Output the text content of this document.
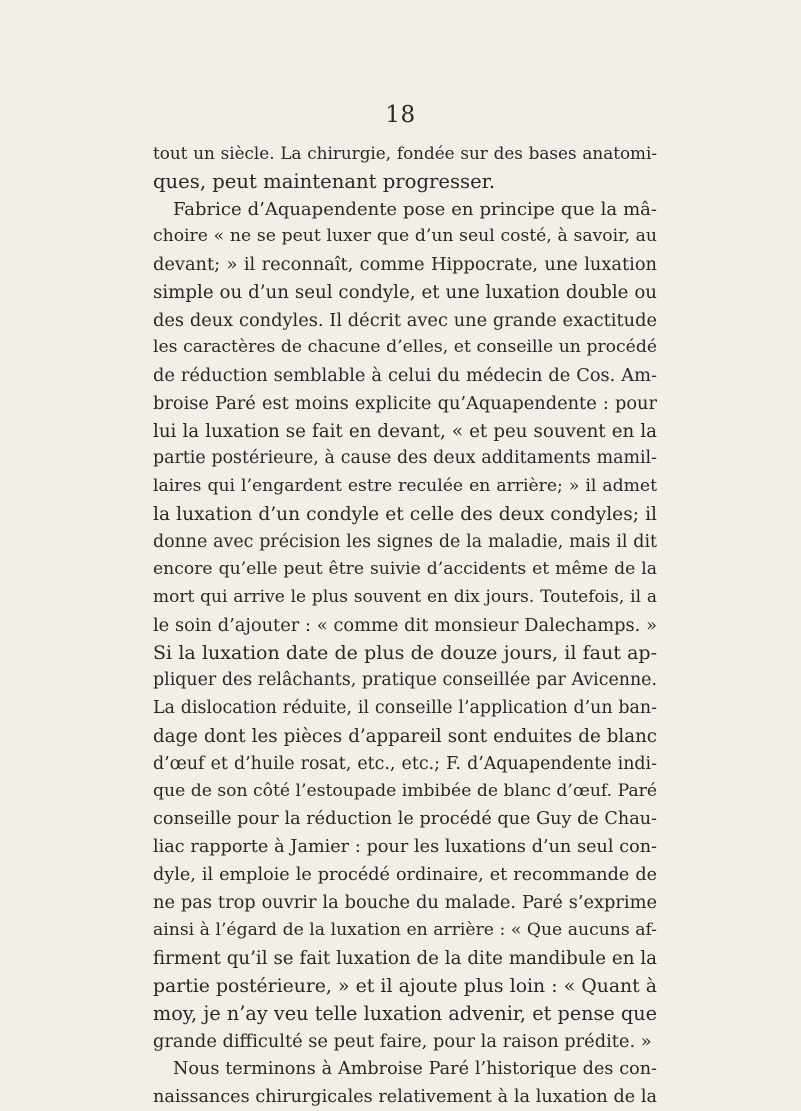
18
tout un siècle. La chirurgie, fondée sur des bases anatomi-
ques, peut maintenant progresser.
Fabrice d’Aquapendente pose en principe que la mâ-
choire « ne se peut luxer que d’un seul costé, à savoir, au
devant; » il reconnaît, comme Hippocrate, une luxation
simple ou d’un seul condyle, et une luxation double ou
des deux condyles. Il décrit avec une grande exactitude
les caractères de chacune d’elles, et conseille un procédé
de réduction semblable à celui du médecin de Cos. Am-
broise Paré est moins explicite qu’Aquapendente : pour
lui la luxation se fait en devant, « et peu souvent en la
partie postérieure, à cause des deux additaments mamil-
laires qui l’engardent estre reculée en arrière; » il admet
la luxation d’un condyle et celle des deux condyles; il
donne avec précision les signes de la maladie, mais il dit
encore qu’elle peut être suivie d’accidents et même de la
mort qui arrive le plus souvent en dix jours. Toutefois, il a
le soin d’ajouter : « comme dit monsieur Dalechamps. »
Si la luxation date de plus de douze jours, il faut ap-
pliquer des relâchants, pratique conseillée par Avicenne.
La dislocation réduite, il conseille l’application d’un ban-
dage dont les pièces d’appareil sont enduites de blanc
d’œuf et d’huile rosat, etc., etc.; F. d’Aquapendente indi-
que de son côté l’estoupade imbibée de blanc d’œuf. Paré
conseille pour la réduction le procédé que Guy de Chau-
liac rapporte à Jamier : pour les luxations d’un seul con-
dyle, il emploie le procédé ordinaire, et recommande de
ne pas trop ouvrir la bouche du malade. Paré s’exprime
ainsi à l’égard de la luxation en arrière : « Que aucuns af-
firment qu’il se fait luxation de la dite mandibule en la
partie postérieure, » et il ajoute plus loin : « Quant à
moy, je n’ay veu telle luxation advenir, et pense que
grande difficulté se peut faire, pour la raison prédite. »
Nous terminons à Ambroise Paré l’historique des con-
naissances chirurgicales relativement à la luxation de la
